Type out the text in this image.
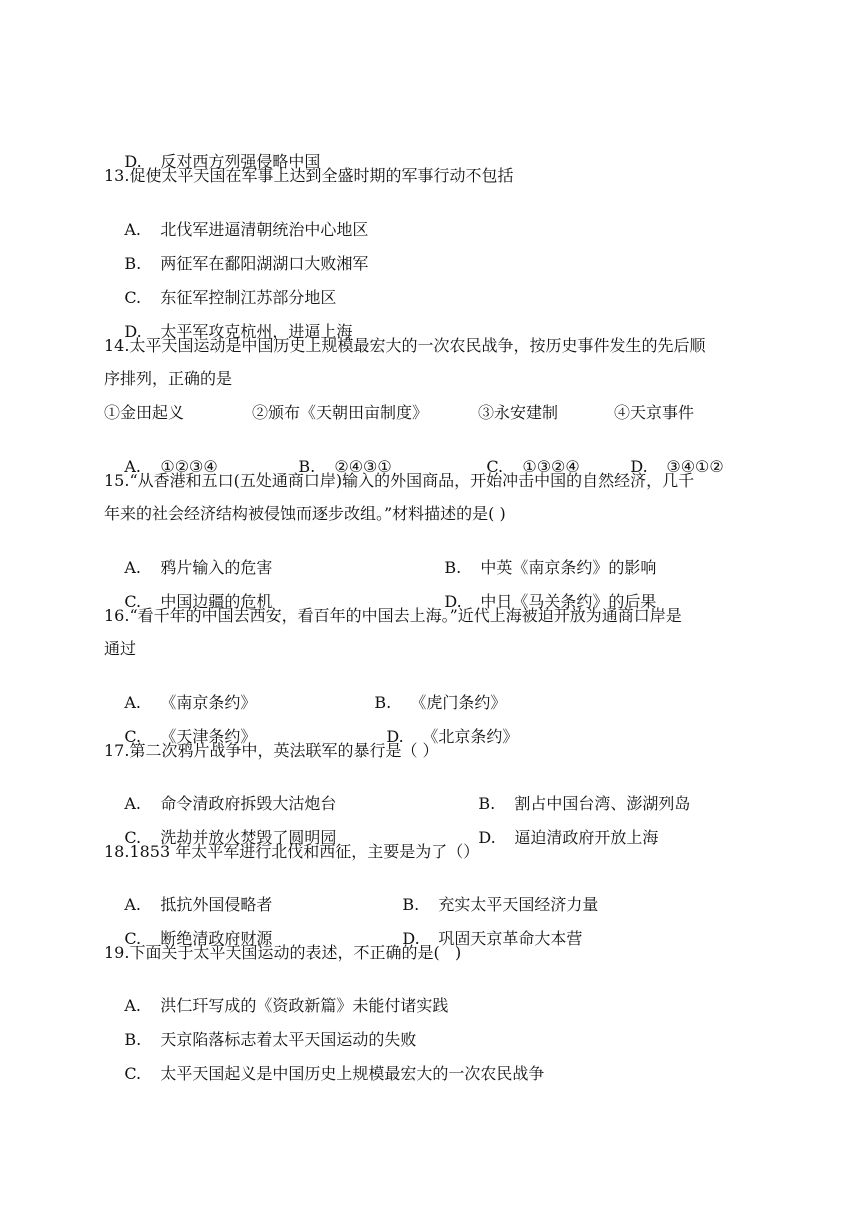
D. 反对西方列强侵略中国

13.促使太平天国在军事上达到全盛时期的军事行动不包括

A. 北伐军进逼清朝统治中心地区

B. 两征军在鄱阳湖湖口大败湘军

C. 东征军控制江苏部分地区

D. 太平军攻克杭州，进逼上海

14.太平天国运动是中国历史上规模最宏大的一次农民战争，按历史事件发生的先后顺
序排列，正确的是
①金田起义	②颁布《天朝田亩制度》	③永安建制	④天京事件

A. ①②③④
	B. ②④③①
	C. ①③②④
	D. ③④①②

15.“从香港和五口(五处通商口岸)输入的外国商品，开始冲击中国的自然经济，几千
年来的社会经济结构被侵蚀而逐步改组。”材料描述的是( )

A. 鸦片输入的危害
	B. 中英《南京条约》的影响

C. 中国边疆的危机
	D. 中日《马关条约》的后果

16.“看千年的中国去西安，看百年的中国去上海。”近代上海被迫开放为通商口岸是
通过

A. 《南京条约》
	B. 《虎门条约》

C. 《天津条约》
	D. 《北京条约》

17.第二次鸦片战争中，英法联军的暴行是（ ）

A. 命令清政府拆毁大沽炮台
	B. 割占中国台湾、澎湖列岛

C. 洗劫并放火焚毁了圆明园
	D. 逼迫清政府开放上海

18.1853 年太平军进行北伐和西征，主要是为了（）

A. 抵抗外国侵略者
	B. 充实太平天国经济力量

C. 断绝清政府财源
	D. 巩固天京革命大本营

19.下面关于太平天国运动的表述，不正确的是(   )

A. 洪仁玕写成的《资政新篇》未能付诸实践

B. 天京陷落标志着太平天国运动的失败

C. 太平天国起义是中国历史上规模最宏大的一次农民战争
